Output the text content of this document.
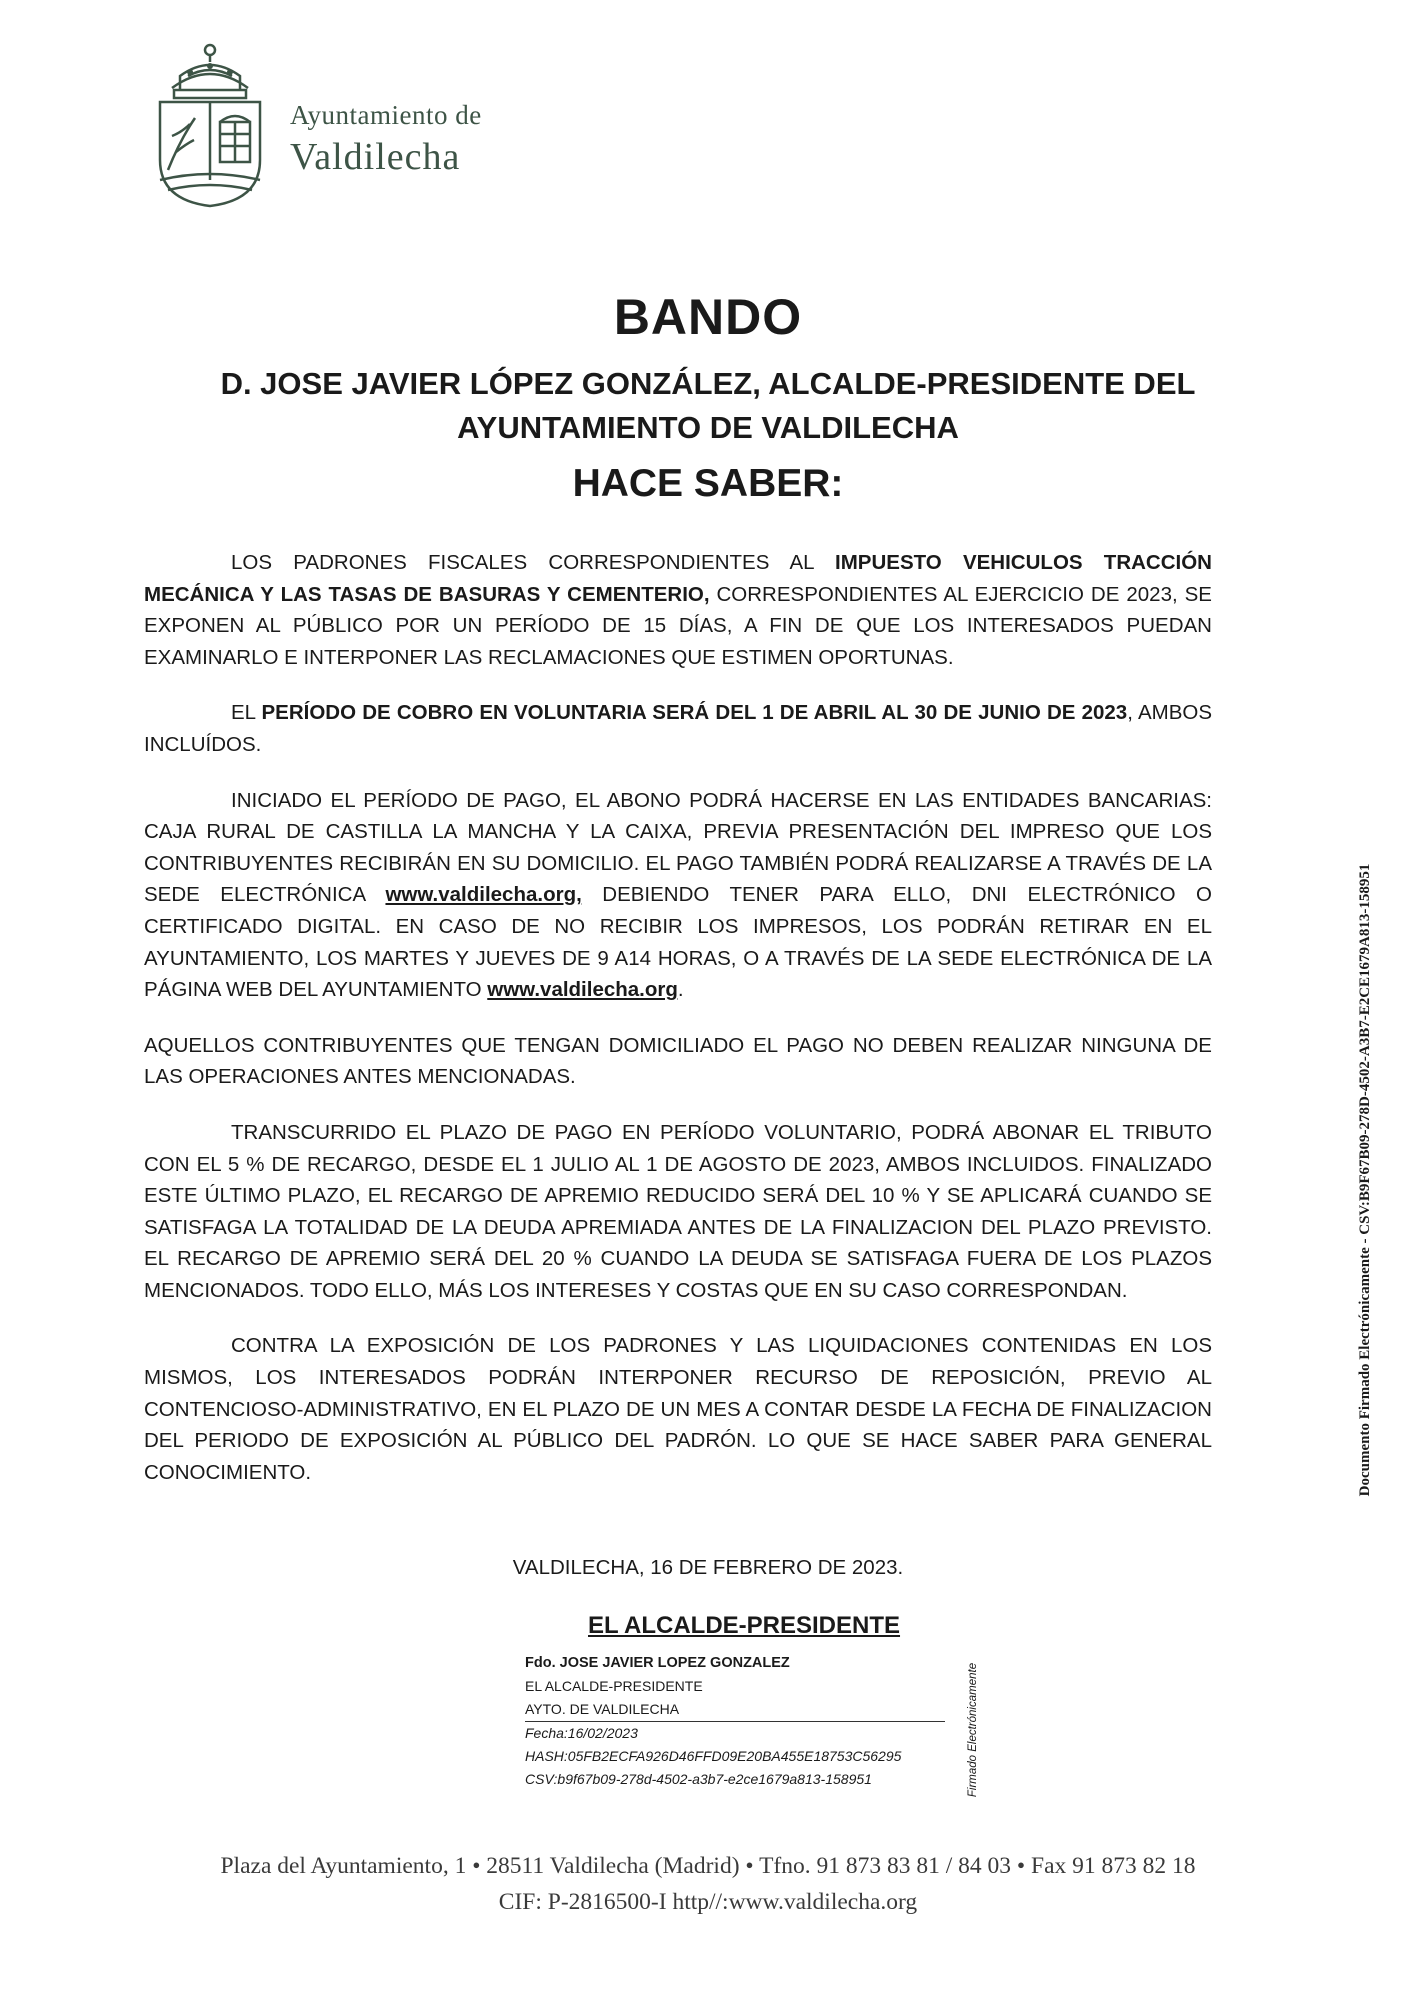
Ayuntamiento de
Valdilecha
BANDO
D. JOSE JAVIER LÓPEZ GONZÁLEZ, ALCALDE-PRESIDENTE DEL
AYUNTAMIENTO DE VALDILECHA
HACE SABER:

LOS PADRONES FISCALES CORRESPONDIENTES AL IMPUESTO VEHICULOS TRACCIÓN MECÁNICA Y LAS TASAS DE BASURAS Y CEMENTERIO, CORRESPONDIENTES AL EJERCICIO DE 2023, SE EXPONEN AL PÚBLICO POR UN PERÍODO DE 15 DÍAS, A FIN DE QUE LOS INTERESADOS PUEDAN EXAMINARLO E INTERPONER LAS RECLAMACIONES QUE ESTIMEN OPORTUNAS.

EL PERÍODO DE COBRO EN VOLUNTARIA SERÁ DEL 1 DE ABRIL AL 30 DE JUNIO DE 2023, AMBOS INCLUÍDOS.

INICIADO EL PERÍODO DE PAGO, EL ABONO PODRÁ HACERSE EN LAS ENTIDADES BANCARIAS: CAJA RURAL DE CASTILLA LA MANCHA Y LA CAIXA, PREVIA PRESENTACIÓN DEL IMPRESO QUE LOS CONTRIBUYENTES RECIBIRÁN EN SU DOMICILIO. EL PAGO TAMBIÉN PODRÁ REALIZARSE A TRAVÉS DE LA SEDE ELECTRÓNICA www.valdilecha.org, DEBIENDO TENER PARA ELLO, DNI ELECTRÓNICO O CERTIFICADO DIGITAL. EN CASO DE NO RECIBIR LOS IMPRESOS, LOS PODRÁN RETIRAR EN EL AYUNTAMIENTO, LOS MARTES Y JUEVES DE 9 A14 HORAS, O A TRAVÉS DE LA SEDE ELECTRÓNICA DE LA PÁGINA WEB DEL AYUNTAMIENTO www.valdilecha.org.

AQUELLOS CONTRIBUYENTES QUE TENGAN DOMICILIADO EL PAGO NO DEBEN REALIZAR NINGUNA DE LAS OPERACIONES ANTES MENCIONADAS.

TRANSCURRIDO EL PLAZO DE PAGO EN PERÍODO VOLUNTARIO, PODRÁ ABONAR EL TRIBUTO CON EL 5 % DE RECARGO, DESDE EL 1 JULIO AL 1 DE AGOSTO DE 2023, AMBOS INCLUIDOS. FINALIZADO ESTE ÚLTIMO PLAZO, EL RECARGO DE APREMIO REDUCIDO SERÁ DEL 10 % Y SE APLICARÁ CUANDO SE SATISFAGA LA TOTALIDAD DE LA DEUDA APREMIADA ANTES DE LA FINALIZACION DEL PLAZO PREVISTO. EL RECARGO DE APREMIO SERÁ DEL 20 % CUANDO LA DEUDA SE SATISFAGA FUERA DE LOS PLAZOS MENCIONADOS. TODO ELLO, MÁS LOS INTERESES Y COSTAS QUE EN SU CASO CORRESPONDAN.

CONTRA LA EXPOSICIÓN DE LOS PADRONES Y LAS LIQUIDACIONES CONTENIDAS EN LOS MISMOS, LOS INTERESADOS PODRÁN INTERPONER RECURSO DE REPOSICIÓN, PREVIO AL CONTENCIOSO-ADMINISTRATIVO, EN EL PLAZO DE UN MES A CONTAR DESDE LA FECHA DE FINALIZACION DEL PERIODO DE EXPOSICIÓN AL PÚBLICO DEL PADRÓN. LO QUE SE HACE SABER PARA GENERAL CONOCIMIENTO.

VALDILECHA, 16 DE FEBRERO DE 2023.
EL ALCALDE-PRESIDENTE
Fdo. JOSE JAVIER LOPEZ GONZALEZ
EL ALCALDE-PRESIDENTE
AYTO. DE VALDILECHA
Fecha:16/02/2023
HASH:05FB2ECFA926D46FFD09E20BA455E18753C56295
CSV:b9f67b09-278d-4502-a3b7-e2ce1679a813-158951	Firmado Electrónicamente
Documento Firmado Electrónicamente - CSV:B9F67B09-278D-4502-A3B7-E2CE1679A813-158951
Plaza del Ayuntamiento, 1 • 28511 Valdilecha (Madrid) • Tfno. 91 873 83 81 / 84 03 • Fax 91 873 82 18
CIF: P-2816500-I http//:www.valdilecha.org
